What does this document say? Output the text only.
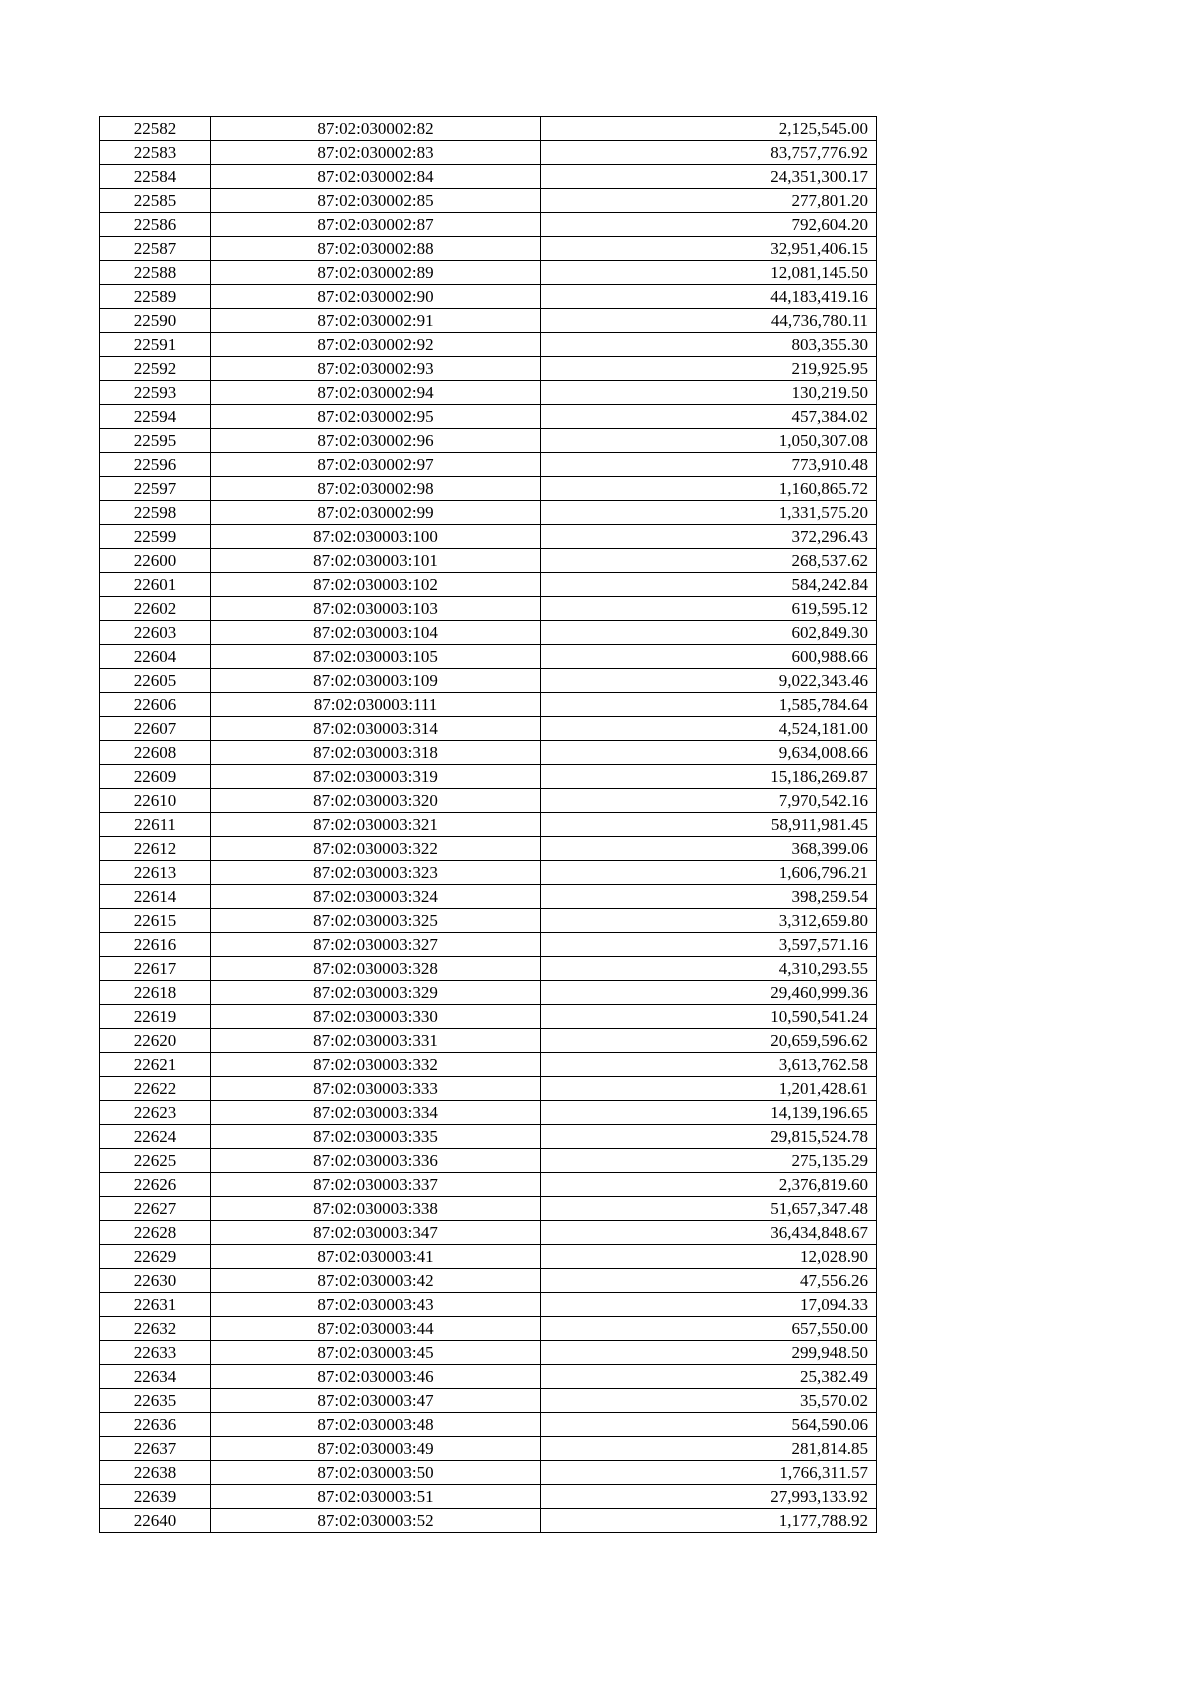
22582	87:02:030002:82	2,125,545.00
22583	87:02:030002:83	83,757,776.92
22584	87:02:030002:84	24,351,300.17
22585	87:02:030002:85	277,801.20
22586	87:02:030002:87	792,604.20
22587	87:02:030002:88	32,951,406.15
22588	87:02:030002:89	12,081,145.50
22589	87:02:030002:90	44,183,419.16
22590	87:02:030002:91	44,736,780.11
22591	87:02:030002:92	803,355.30
22592	87:02:030002:93	219,925.95
22593	87:02:030002:94	130,219.50
22594	87:02:030002:95	457,384.02
22595	87:02:030002:96	1,050,307.08
22596	87:02:030002:97	773,910.48
22597	87:02:030002:98	1,160,865.72
22598	87:02:030002:99	1,331,575.20
22599	87:02:030003:100	372,296.43
22600	87:02:030003:101	268,537.62
22601	87:02:030003:102	584,242.84
22602	87:02:030003:103	619,595.12
22603	87:02:030003:104	602,849.30
22604	87:02:030003:105	600,988.66
22605	87:02:030003:109	9,022,343.46
22606	87:02:030003:111	1,585,784.64
22607	87:02:030003:314	4,524,181.00
22608	87:02:030003:318	9,634,008.66
22609	87:02:030003:319	15,186,269.87
22610	87:02:030003:320	7,970,542.16
22611	87:02:030003:321	58,911,981.45
22612	87:02:030003:322	368,399.06
22613	87:02:030003:323	1,606,796.21
22614	87:02:030003:324	398,259.54
22615	87:02:030003:325	3,312,659.80
22616	87:02:030003:327	3,597,571.16
22617	87:02:030003:328	4,310,293.55
22618	87:02:030003:329	29,460,999.36
22619	87:02:030003:330	10,590,541.24
22620	87:02:030003:331	20,659,596.62
22621	87:02:030003:332	3,613,762.58
22622	87:02:030003:333	1,201,428.61
22623	87:02:030003:334	14,139,196.65
22624	87:02:030003:335	29,815,524.78
22625	87:02:030003:336	275,135.29
22626	87:02:030003:337	2,376,819.60
22627	87:02:030003:338	51,657,347.48
22628	87:02:030003:347	36,434,848.67
22629	87:02:030003:41	12,028.90
22630	87:02:030003:42	47,556.26
22631	87:02:030003:43	17,094.33
22632	87:02:030003:44	657,550.00
22633	87:02:030003:45	299,948.50
22634	87:02:030003:46	25,382.49
22635	87:02:030003:47	35,570.02
22636	87:02:030003:48	564,590.06
22637	87:02:030003:49	281,814.85
22638	87:02:030003:50	1,766,311.57
22639	87:02:030003:51	27,993,133.92
22640	87:02:030003:52	1,177,788.92
